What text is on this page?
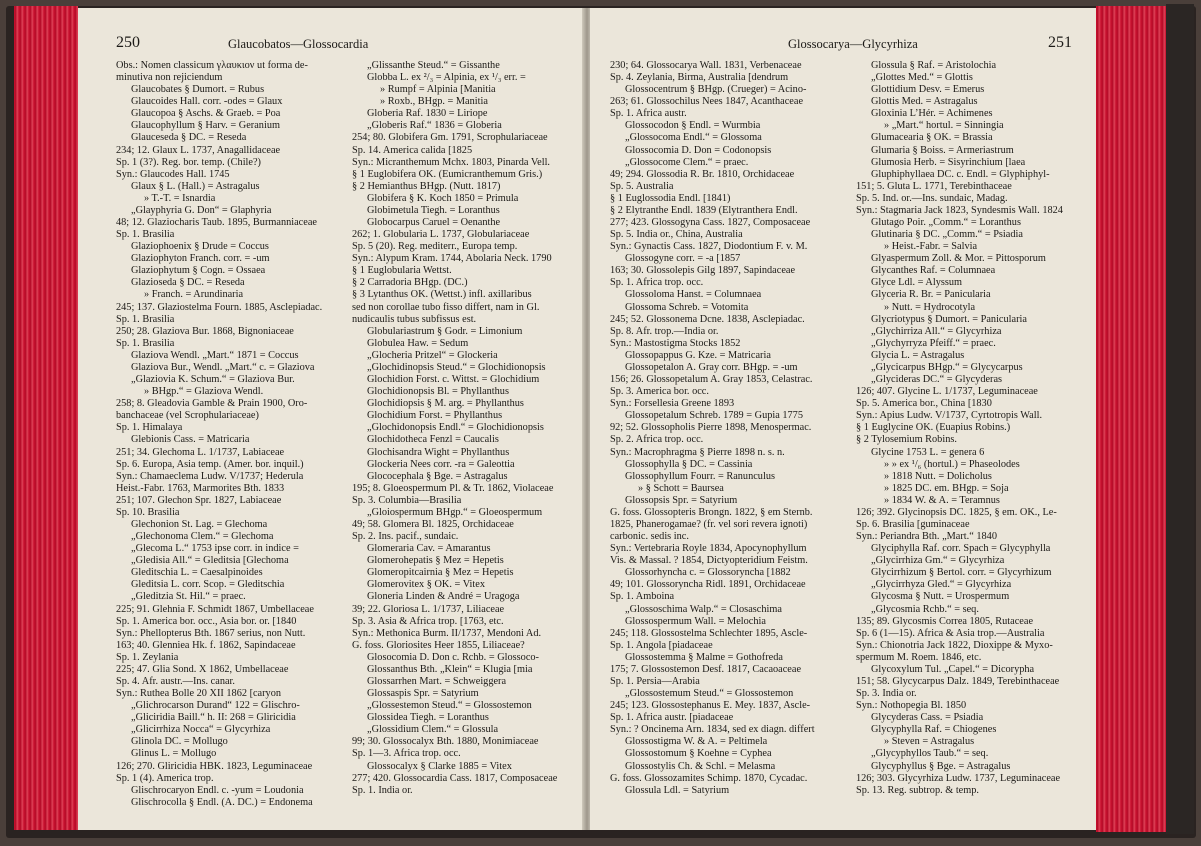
250	Glaucobatos—Glossocardia
Obs.: Nomen classicum γλαυκιον ut forma de-
minutiva non rejiciendum
Glaucobates § Dumort. = Rubus
Glaucoides Hall. corr. -odes = Glaux
Glaucopoa § Aschs. & Graeb. = Poa
Glaucophyllum § Harv. = Geranium
Glauceseda § DC. = Reseda
234; 12. Glaux L. 1737, Anagallidaceae
Sp. 1 (3?). Reg. bor. temp. (Chile?)
Syn.: Glaucodes Hall. 1745
Glaux § L. (Hall.) = Astragalus
» T.-T. = Isnardia
„Glayphyria G. Don“ = Glaphyria
48; 12. Glaziocharis Taub. 1895, Burmanniaceae
Sp. 1. Brasilia
Glaziophoenix § Drude = Coccus
Glaziophyton Franch. corr. = -um
Glaziophytum § Cogn. = Ossaea
Glazioseda § DC. = Reseda
» Franch. = Arundinaria
245; 137. Glaziostelma Fourn. 1885, Asclepiadac.
Sp. 1. Brasilia
250; 28. Glaziova Bur. 1868, Bignoniaceae
Sp. 1. Brasilia
Glaziova Wendl. „Mart.“ 1871 = Coccus
Glaziova Bur., Wendl. „Mart.“ c. = Glaziova
„Glaziovia K. Schum.“ = Glaziova Bur.
» BHgp.“ = Glaziova Wendl.
258; 8. Gleadovia Gamble & Prain 1900, Oro-
banchaceae (vel Scrophulariaceae)
Sp. 1. Himalaya
Glebionis Cass. = Matricaria
251; 34. Glechoma L. 1/1737, Labiaceae
Sp. 6. Europa, Asia temp. (Amer. bor. inquil.)
Syn.: Chamaeclema Ludw. V/1737; Hederula
Heist.-Fabr. 1763, Marmorites Bth. 1833
251; 107. Glechon Spr. 1827, Labiaceae
Sp. 10. Brasilia
Glechonion St. Lag. = Glechoma
„Glechonoma Clem.“ = Glechoma
„Glecoma L.“ 1753 ipse corr. in indice =
„Gledisia All.“ = Gleditsia [Glechoma
Gleditschia L. = Caesalpinoides
Gleditsia L. corr. Scop. = Gleditschia
„Gleditzia St. Hil.“ = praec.
225; 91. Glehnia F. Schmidt 1867, Umbellaceae
Sp. 1. America bor. occ., Asia bor. or. [1840
Syn.: Phellopterus Bth. 1867 serius, non Nutt.
163; 40. Glenniea Hk. f. 1862, Sapindaceae
Sp. 1. Zeylania
225; 47. Glia Sond. X 1862, Umbellaceae
Sp. 4. Afr. austr.—Ins. canar.
Syn.: Ruthea Bolle 20 XII 1862 [caryon
„Glichrocarson Durand“ 122 = Glischro-
„Gliciridia Baill.“ h. II: 268 = Gliricidia
„Glicirrhiza Nocca“ = Glycyrhiza
Glinola DC. = Mollugo
Glinus L. = Mollugo
126; 270. Gliricidia HBK. 1823, Leguminaceae
Sp. 1 (4). America trop.
Glischrocaryon Endl. c. -yum = Loudonia
Glischrocolla § Endl. (A. DC.) = Endonema
„Glissanthe Steud.“ = Gissanthe
Globba L. ex ²/₃ = Alpinia, ex ¹/₃ err. =
» Rumpf = Alpinia [Manitia
» Roxb., BHgp. = Manitia
Globeria Raf. 1830 = Liriope
„Globeris Raf.“ 1836 = Globeria
254; 80. Globifera Gm. 1791, Scrophulariaceae
Sp. 14. America calida [1825
Syn.: Micranthemum Mchx. 1803, Pinarda Vell.
§ 1 Euglobifera OK. (Eumicranthemum Gris.)
§ 2 Hemianthus BHgp. (Nutt. 1817)
Globifera § K. Koch 1850 = Primula
Globimetula Tiegh. = Loranthus
Globocarpus Caruel = Oenanthe
262; 1. Globularia L. 1737, Globulariaceae
Sp. 5 (20). Reg. mediterr., Europa temp.
Syn.: Alypum Kram. 1744, Abolaria Neck. 1790
§ 1 Euglobularia Wettst.
§ 2 Carradoria BHgp. (DC.)
§ 3 Lytanthus OK. (Wettst.) infl. axillaribus
sed non corollae tubo fisso differt, nam in Gl.
nudicaulis tubus subfissus est.
Globulariastrum § Godr. = Limonium
Globulea Haw. = Sedum
„Glocheria Pritzel“ = Glockeria
„Glochidinopsis Steud.“ = Glochidionopsis
Glochidion Forst. c. Wittst. = Glochidium
Glochidionopsis Bl. = Phyllanthus
Glochidiopsis § M. arg. = Phyllanthus
Glochidium Forst. = Phyllanthus
„Glochidonopsis Endl.“ = Glochidionopsis
Glochidotheca Fenzl = Caucalis
Glochisandra Wight = Phyllanthus
Glockeria Nees corr. -ra = Galeottia
Glococephala § Bge. = Astragalus
195; 8. Gloeospermum Pl. & Tr. 1862, Violaceae
Sp. 3. Columbia—Brasilia
„Gloiospermum BHgp.“ = Gloeospermum
49; 58. Glomera Bl. 1825, Orchidaceae
Sp. 2. Ins. pacif., sundaic.
Glomeraria Cav. = Amarantus
Glomerohepatis § Mez = Hepetis
Glomeropitcairnia § Mez = Hepetis
Glomerovitex § OK. = Vitex
Gloneria Linden & André = Uragoga
39; 22. Gloriosa L. 1/1737, Liliaceae
Sp. 3. Asia & Africa trop. [1763, etc.
Syn.: Methonica Burm. II/1737, Mendoni Ad.
G. foss. Gloriosites Heer 1855, Liliaceae?
Glosocomia D. Don c. Rchb. = Glossoco-
Glossanthus Bth. „Klein“ = Klugia [mia
Glossarrhen Mart. = Schweiggera
Glossaspis Spr. = Satyrium
„Glossestemon Steud.“ = Glossostemon
Glossidea Tiegh. = Loranthus
„Glossidium Clem.“ = Glossula
99; 30. Glossocalyx Bth. 1880, Monimiaceae
Sp. 1—3. Africa trop. occ.
Glossocalyx § Clarke 1885 = Vitex
277; 420. Glossocardia Cass. 1817, Composaceae
Sp. 1. India or.
Glossocarya—Glycyrhiza	251
230; 64. Glossocarya Wall. 1831, Verbenaceae
Sp. 4. Zeylania, Birma, Australia [dendrum
Glossocentrum § BHgp. (Crueger) = Acino-
263; 61. Glossochilus Nees 1847, Acanthaceae
Sp. 1. Africa austr.
Glossocodon § Endl. = Wurmbia
„Glossocoma Endl.“ = Glossoma
Glossocomia D. Don = Codonopsis
„Glossocome Clem.“ = praec.
49; 294. Glossodia R. Br. 1810, Orchidaceae
Sp. 5. Australia
§ 1 Euglossodia Endl. [1841)
§ 2 Elytranthe Endl. 1839 (Elytranthera Endl.
277; 423. Glossogyna Cass. 1827, Composaceae
Sp. 5. India or., China, Australia
Syn.: Gynactis Cass. 1827, Diodontium F. v. M.
Glossogyne corr. = -a [1857
163; 30. Glossolepis Gilg 1897, Sapindaceae
Sp. 1. Africa trop. occ.
Glossoloma Hanst. = Columnaea
Glossoma Schreb. = Votomita
245; 52. Glossonema Dcne. 1838, Asclepiadac.
Sp. 8. Afr. trop.—India or.
Syn.: Mastostigma Stocks 1852
Glossopappus G. Kze. = Matricaria
Glossopetalon A. Gray corr. BHgp. = -um
156; 26. Glossopetalum A. Gray 1853, Celastrac.
Sp. 3. America bor. occ.
Syn.: Forsellesia Greene 1893
Glossopetalum Schreb. 1789 = Gupia 1775
92; 52. Glossopholis Pierre 1898, Menospermac.
Sp. 2. Africa trop. occ.
Syn.: Macrophragma § Pierre 1898 n. s. n.
Glossophylla § DC. = Cassinia
Glossophyllum Fourr. = Ranunculus
» § Schott = Baursea
Glossopsis Spr. = Satyrium
G. foss. Glossopteris Brongn. 1822, § em Sternb.
1825, Phanerogamae? (fr. vel sori revera ignoti)
carbonic. sedis inc.
Syn.: Vertebraria Royle 1834, Apocynophyllum
Vis. & Massal. ? 1854, Dictyopteridium Feistm.
Glossorhyncha c. = Glossoryncha [1882
49; 101. Glossoryncha Ridl. 1891, Orchidaceae
Sp. 1. Amboina
„Glossoschima Walp.“ = Closaschima
Glossospermum Wall. = Melochia
245; 118. Glossostelma Schlechter 1895, Ascle-
Sp. 1. Angola [piadaceae
Glossostemma § Malme = Gothofreda
175; 7. Glossostemon Desf. 1817, Cacaoaceae
Sp. 1. Persia—Arabia
„Glossostemum Steud.“ = Glossostemon
245; 123. Glossostephanus E. Mey. 1837, Ascle-
Sp. 1. Africa austr. [piadaceae
Syn.: ? Oncinema Arn. 1834, sed ex diagn. differt
Glossostigma W. & A. = Peltimela
Glossostomum § Koehne = Cyphea
Glossostylis Ch. & Schl. = Melasma
G. foss. Glossozamites Schimp. 1870, Cycadac.
Glossula Ldl. = Satyrium
Glossula § Raf. = Aristolochia
„Glottes Med.“ = Glottis
Glottidium Desv. = Emerus
Glottis Med. = Astragalus
Gloxinia L’Hér. = Achimenes
» „Mart.“ hortul. = Sinningia
Glumacearia § OK. = Brassia
Glumaria § Boiss. = Armeriastrum
Glumosia Herb. = Sisyrinchium [laea
Gluphiphyllaea DC. c. Endl. = Glyphiphyl-
151; 5. Gluta L. 1771, Terebinthaceae
Sp. 5. Ind. or.—Ins. sundaic, Madag.
Syn.: Stagmaria Jack 1823, Syndesmis Wall. 1824
Glutago Poir. „Comm.“ = Loranthus
Glutinaria § DC. „Comm.“ = Psiadia
» Heist.-Fabr. = Salvia
Glyaspermum Zoll. & Mor. = Pittosporum
Glycanthes Raf. = Columnaea
Glyce Ldl. = Alyssum
Glyceria R. Br. = Panicularia
» Nutt. = Hydrocotyla
Glycriotypus § Dumort. = Panicularia
„Glychirriza All.“ = Glycyrhiza
„Glychyrryza Pfeiff.“ = praec.
Glycia L. = Astragalus
„Glycicarpus BHgp.“ = Glycycarpus
„Glycideras DC.“ = Glycyderas
126; 407. Glycine L. 1/1737, Leguminaceae
Sp. 5. America bor., China [1830
Syn.: Apius Ludw. V/1737, Cyrtotropis Wall.
§ 1 Euglycine OK. (Euapius Robins.)
§ 2 Tylosemium Robins.
Glycine 1753 L. = genera 6
» » ex ¹/₆ (hortul.) = Phaseolodes
» 1818 Nutt. = Dolicholus
» 1825 DC. em. BHgp. = Soja
» 1834 W. & A. = Teramnus
126; 392. Glycinopsis DC. 1825, § em. OK., Le-
Sp. 6. Brasilia [guminaceae
Syn.: Periandra Bth. „Mart.“ 1840
Glyciphylla Raf. corr. Spach = Glycyphylla
„Glycirrhiza Gm.“ = Glycyrhiza
Glycirrhizum § Bertol. corr. = Glycyrhizum
„Glycirrhyza Gled.“ = Glycyrhiza
Glycosma § Nutt. = Urospermum
„Glycosmia Rchb.“ = seq.
135; 89. Glycosmis Correa 1805, Rutaceae
Sp. 6 (1—15). Africa & Asia trop.—Australia
Syn.: Chionotria Jack 1822, Dioxippe & Myxo-
spermum M. Roem. 1846, etc.
Glycoxylum Tul. „Capel.“ = Dicorypha
151; 58. Glycycarpus Dalz. 1849, Terebinthaceae
Sp. 3. India or.
Syn.: Nothopegia Bl. 1850
Glycyderas Cass. = Psiadia
Glycyphylla Raf. = Chiogenes
» Steven = Astragalus
„Glycyphyllos Taub.“ = seq.
Glycyphyllus § Bge. = Astragalus
126; 303. Glycyrhiza Ludw. 1737, Leguminaceae
Sp. 13. Reg. subtrop. & temp.
